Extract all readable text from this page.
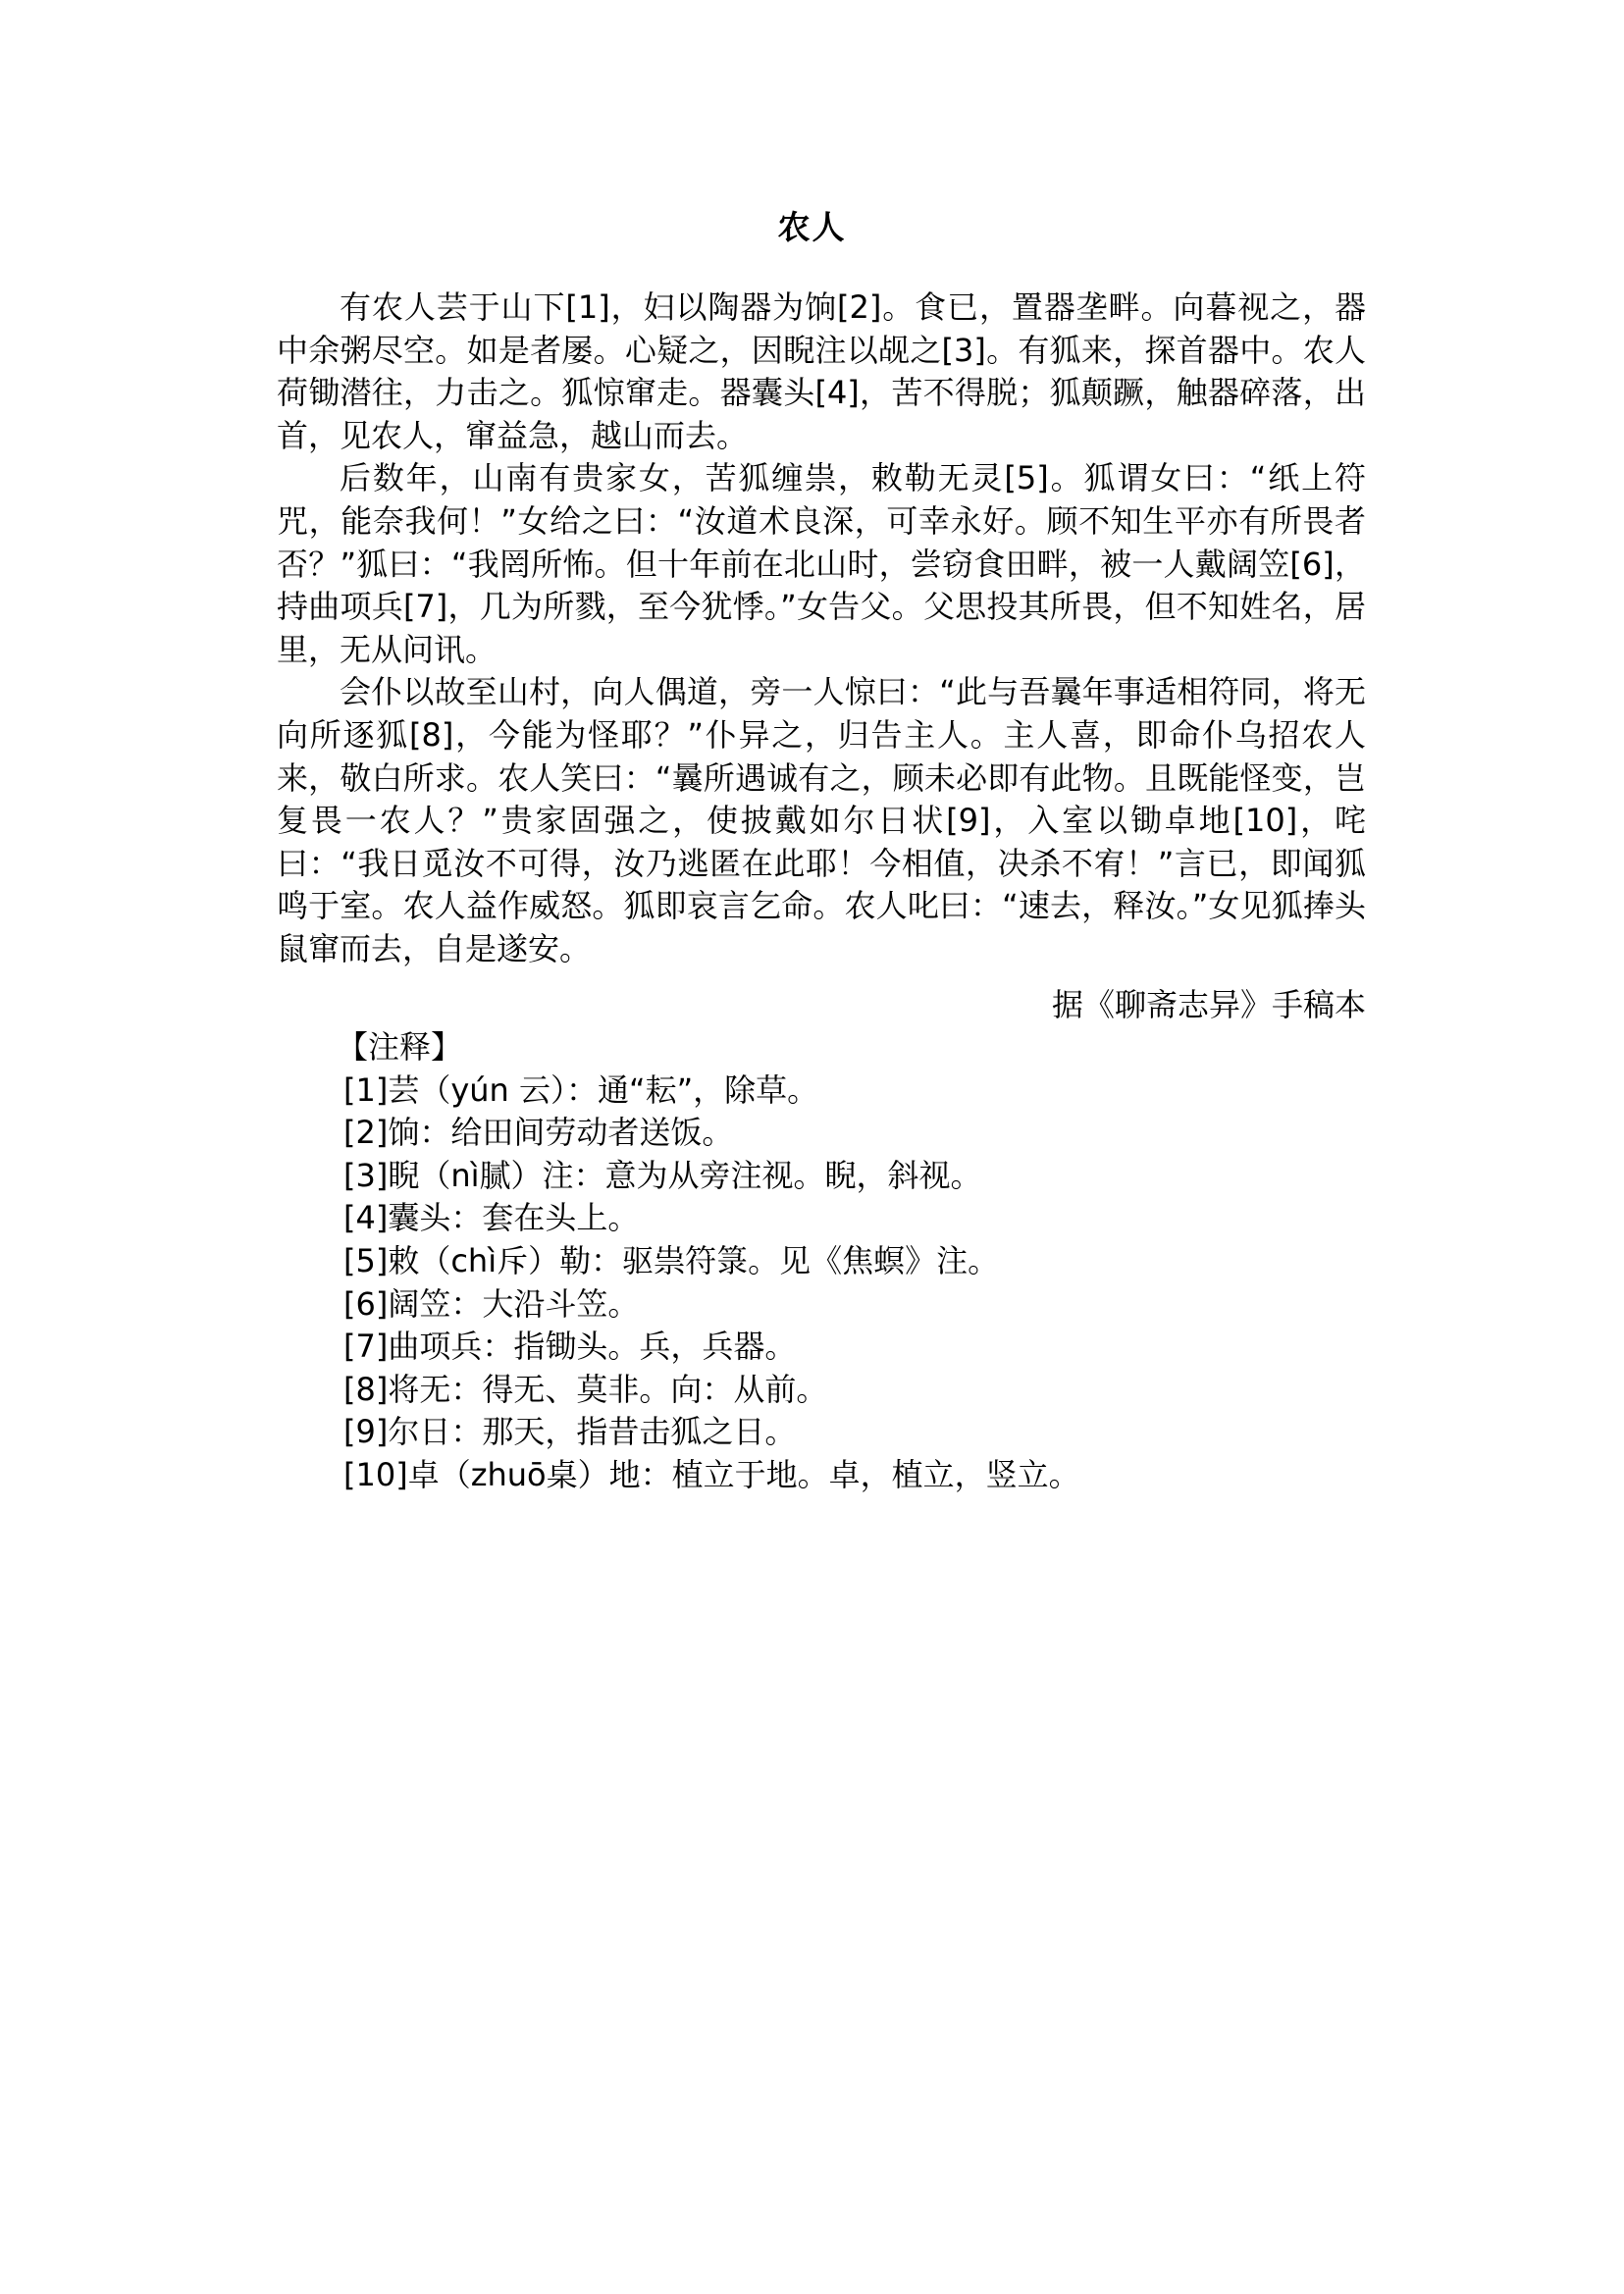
农人

有农人芸于山下[1]，妇以陶器为饷[2]。食已，置器垄畔。向暮视之，器中余粥尽空。如是者屡。心疑之，因睨注以觇之[3]。有狐来，探首器中。农人荷锄潜往，力击之。狐惊窜走。器囊头[4]，苦不得脱；狐颠蹶，触器碎落，出首，见农人，窜益急，越山而去。

后数年，山南有贵家女，苦狐缠祟，敕勒无灵[5]。狐谓女曰：“纸上符咒，能奈我何！”女给之曰：“汝道术良深，可幸永好。顾不知生平亦有所畏者否？”狐曰：“我罔所怖。但十年前在北山时，尝窃食田畔，被一人戴阔笠[6]，持曲项兵[7]，几为所戮，至今犹悸。”女告父。父思投其所畏，但不知姓名，居里，无从问讯。

会仆以故至山村，向人偶道，旁一人惊曰：“此与吾曩年事适相符同，将无向所逐狐[8]，今能为怪耶？”仆异之，归告主人。主人喜，即命仆乌招农人来，敬白所求。农人笑曰：“曩所遇诚有之，顾未必即有此物。且既能怪变，岂复畏一农人？”贵家固强之，使披戴如尔日状[9]，入室以锄卓地[10]，咤曰：“我日觅汝不可得，汝乃逃匿在此耶！今相值，决杀不宥！”言已，即闻狐鸣于室。农人益作威怒。狐即哀言乞命。农人叱曰：“速去，释汝。”女见狐捧头鼠窜而去，自是遂安。

据《聊斋志异》手稿本

【注释】

[1]芸（yún 云）：通“耘”，除草。

[2]饷：给田间劳动者送饭。

[3]睨（nì腻）注：意为从旁注视。睨，斜视。

[4]囊头：套在头上。

[5]敕（chì斥）勒：驱祟符箓。见《焦螟》注。

[6]阔笠：大沿斗笠。

[7]曲项兵：指锄头。兵，兵器。

[8]将无：得无、莫非。向：从前。

[9]尔日：那天，指昔击狐之日。

[10]卓（zhuō桌）地：植立于地。卓，植立，竖立。
